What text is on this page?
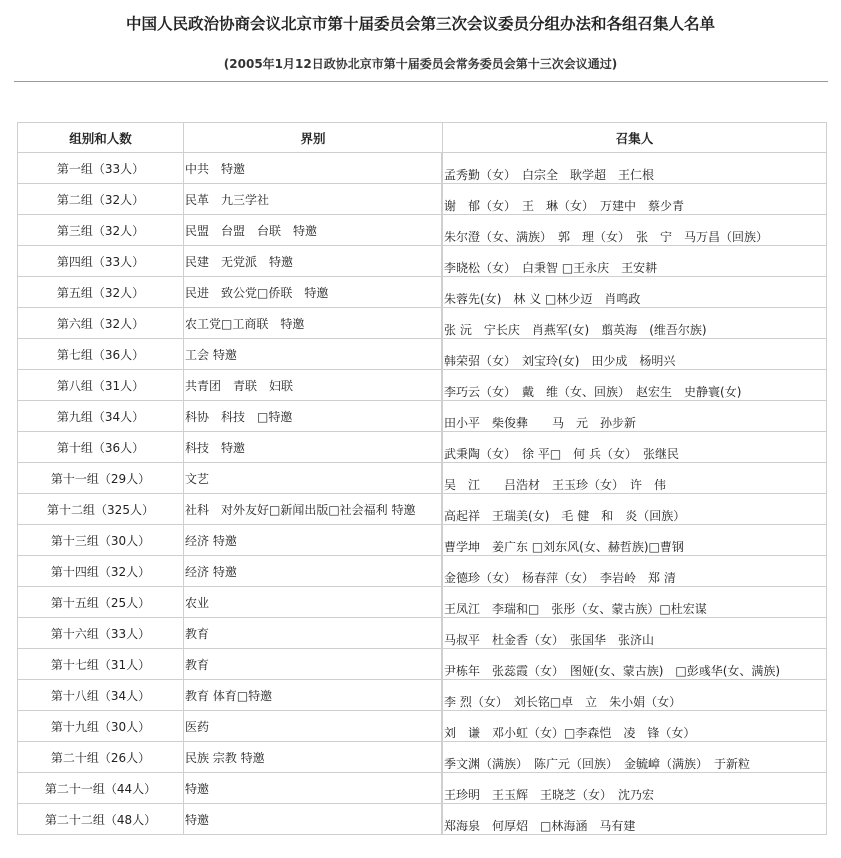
中国人民政治协商会议北京市第十届委员会第三次会议委员分组办法和各组召集人名单
(2005年1月12日政协北京市第十届委员会常务委员会第十三次会议通过)
组别和人数	界别	召集人
第一组（33人）	中共　特邀		孟秀勤（女）　白宗全　耿学超　王仁根
第二组（32人）	民革　九三学社		谢　郁（女）　王　琳（女）　万建中　蔡少青
第三组（32人）	民盟　台盟　台联　特邀		朱尔澄（女、满族）　郭　理（女）　张　宁　马万昌（回族）
第四组（33人）	民建　无党派　特邀		李晓松（女）　白秉智 □王永庆　王安耕
第五组（32人）	民进　致公党□侨联　特邀		朱蓉先(女)　林 义 □林少迈　肖鸣政
第六组（32人）	农工党□工商联　特邀		张 沅　宁长庆　肖燕军(女)　翦英海　(维吾尔族)
第七组（36人）	工会 特邀		韩荣弨（女）　刘宝玲(女)　田少成　杨明兴
第八组（31人）	共青团　青联　妇联		李巧云（女）　戴　维（女、回族）　赵宏生　史静寰(女)
第九组（34人）	科协　科技　□特邀		田小平　柴俊彝　　马　元　孙步新
第十组（36人）	科技　特邀		武秉陶（女）　徐 平□　何 兵（女）　张继民
第十一组（29人）	文艺		吴　江　　吕浩材　王玉珍（女）　许　伟
第十二组（325人）	社科　对外友好□新闻出版□社会福利 特邀		高起祥　王瑞美(女)　毛 健　和　炎（回族）
第十三组（30人）	经济 特邀		曹学坤　姜广东 □刘东风(女、赫哲族)□曹钢
第十四组（32人）	经济 特邀		金德珍（女）　杨春萍（女）　李岩岭　郑 清
第十五组（25人）	农业		王凤江　李瑞和□　张彤（女、蒙古族）□杜宏谋
第十六组（33人）	教育		马叔平　杜金香（女）　张国华　张济山
第十七组（31人）	教育		尹栋年　张蕊霞（女）　图娅(女、蒙古族)　□彭彧华(女、满族)
第十八组（34人）	教育 体育□特邀		李 烈（女）　刘长铭□卓　立　朱小娟（女）
第十九组（30人）	医药		刘　谦　邓小虹（女）□李森恺　凌　锋（女）
第二十组（26人）	民族 宗教 特邀		季文渊（满族）　陈广元（回族）　金毓嶂（满族）　于新粒
第二十一组（44人）	特邀		王珍明　王玉辉　王晓芝（女）　沈乃宏
第二十二组（48人）	特邀		郑海泉　何厚炤　□林海涵　马有建
